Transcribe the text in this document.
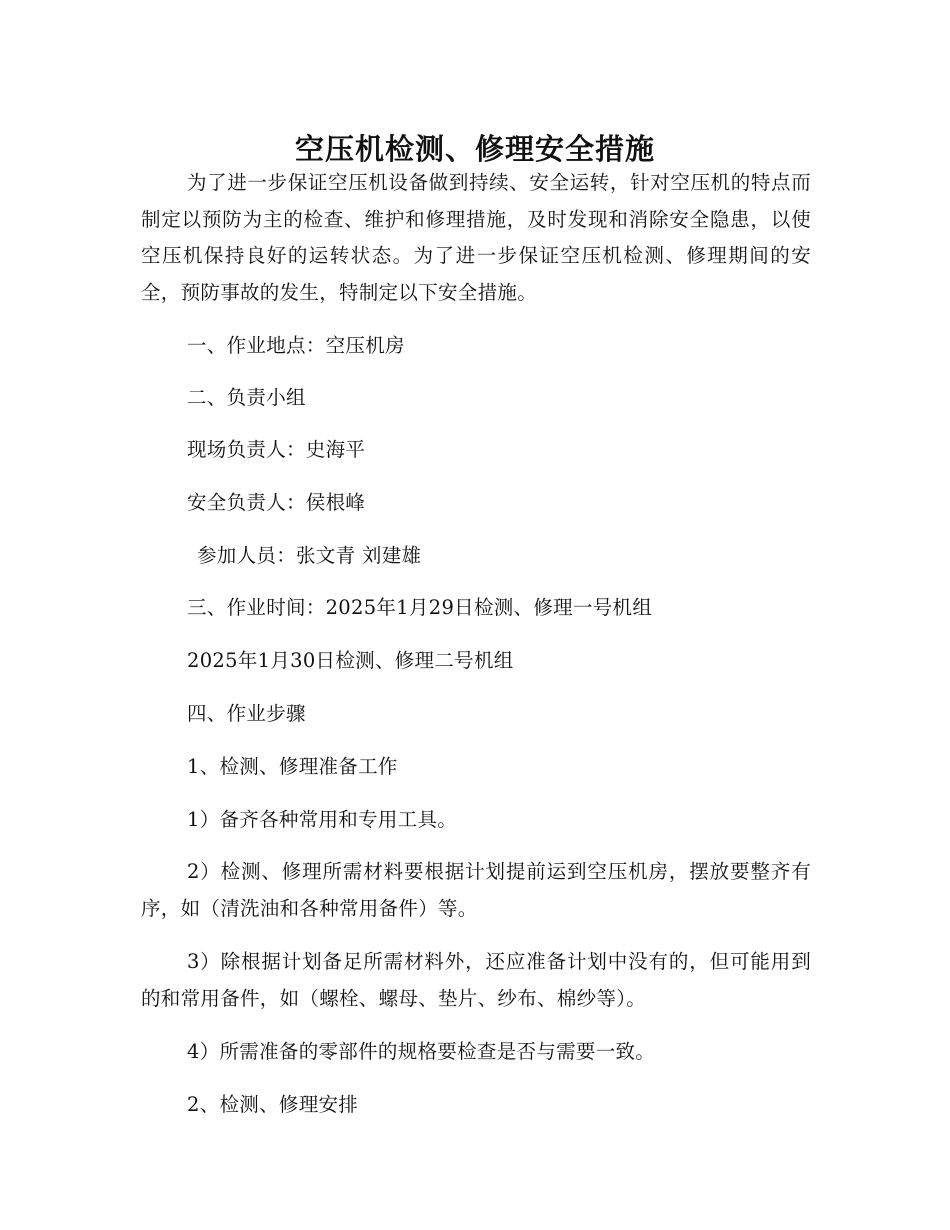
空压机检测、修理安全措施

为了进一步保证空压机设备做到持续、安全运转，针对空压机的特点而制定以预防为主的检查、维护和修理措施，及时发现和消除安全隐患，以使空压机保持良好的运转状态。为了进一步保证空压机检测、修理期间的安全，预防事故的发生，特制定以下安全措施。

一、作业地点：空压机房

二、负责小组

现场负责人：史海平

安全负责人：侯根峰

参加人员：张文青 刘建雄

三、作业时间：2025年1月29日检测、修理一号机组

2025年1月30日检测、修理二号机组

四、作业步骤

1、检测、修理准备工作

1）备齐各种常用和专用工具。

2）检测、修理所需材料要根据计划提前运到空压机房，摆放要整齐有序，如（清洗油和各种常用备件）等。

3）除根据计划备足所需材料外，还应准备计划中没有的，但可能用到的和常用备件，如（螺栓、螺母、垫片、纱布、棉纱等）。

4）所需准备的零部件的规格要检查是否与需要一致。

2、检测、修理安排
